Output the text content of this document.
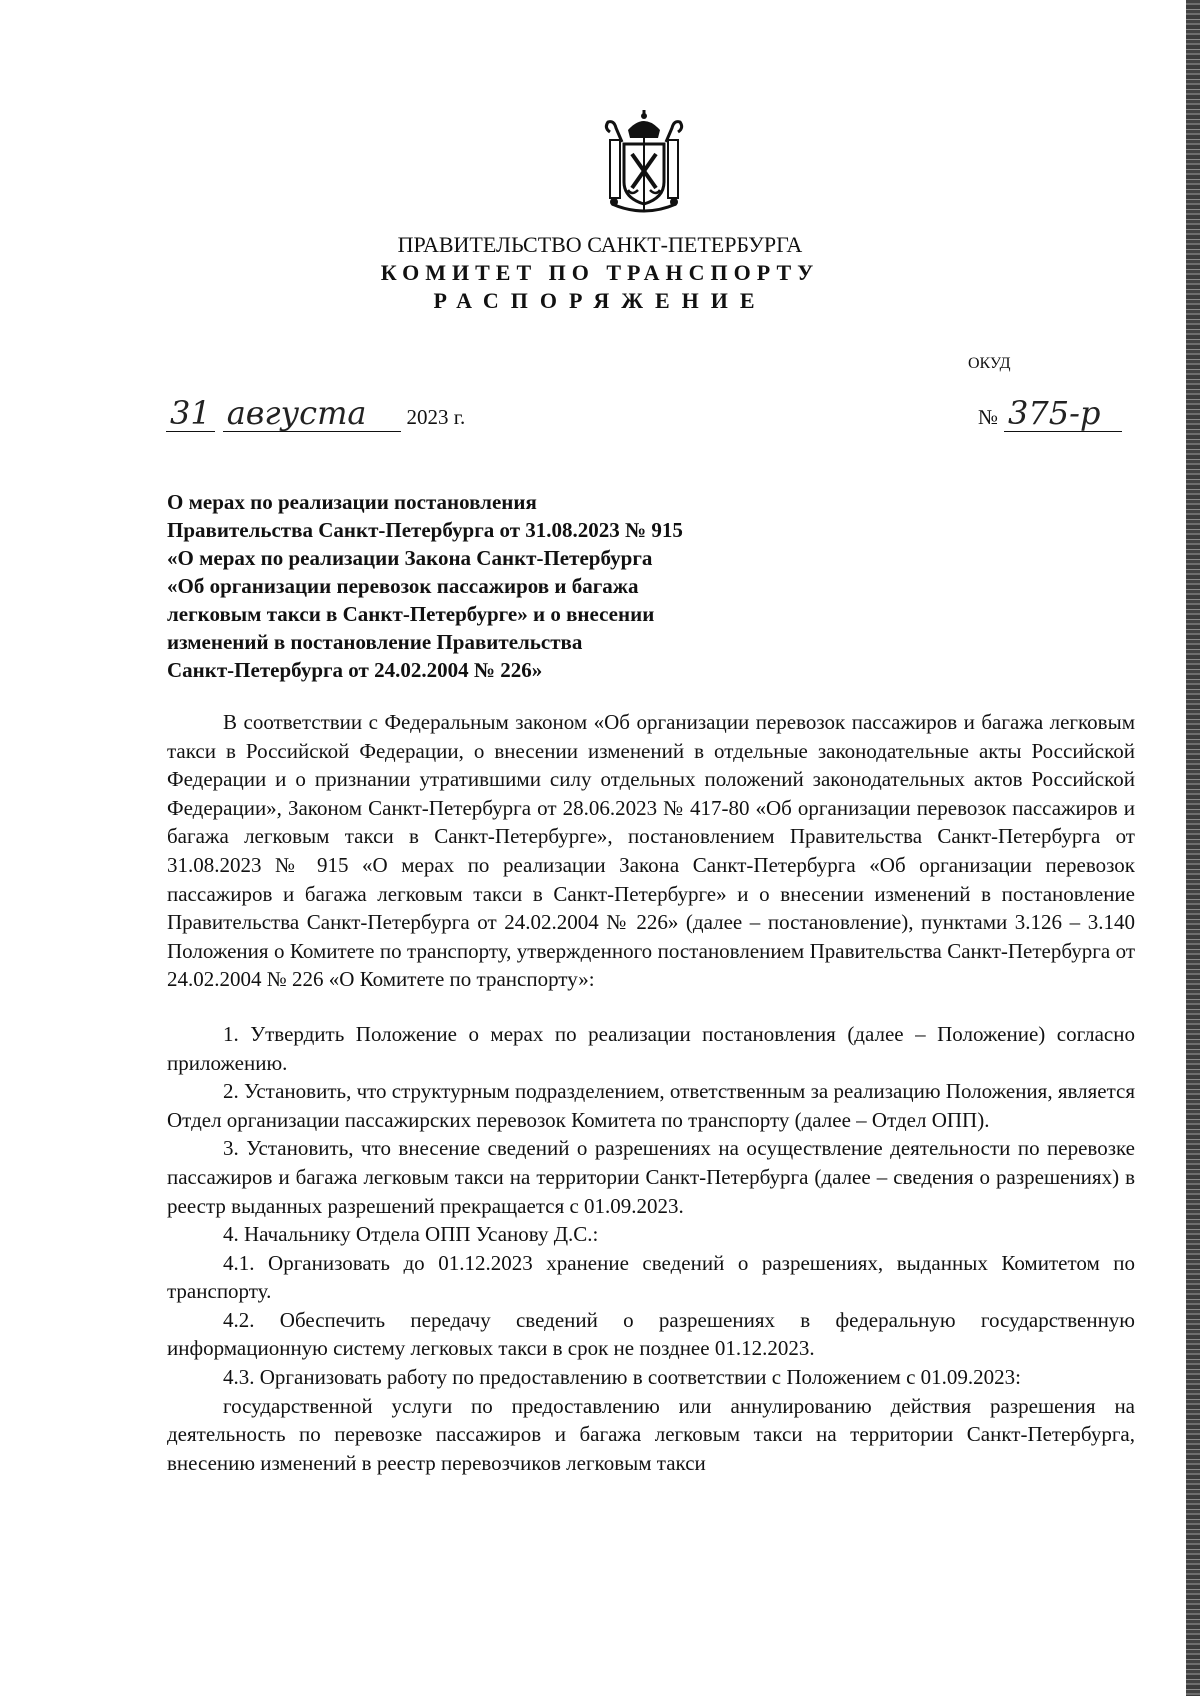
ПРАВИТЕЛЬСТВО САНКТ-ПЕТЕРБУРГА
КОМИТЕТ ПО ТРАНСПОРТУ
РАСПОРЯЖЕНИЕ
ОКУД
31 августа 2023 г.	№ 375-р
О мерах по реализации постановления
Правительства Санкт-Петербурга от 31.08.2023 № 915
«О мерах по реализации Закона Санкт-Петербурга
«Об организации перевозок пассажиров и багажа
легковым такси в Санкт-Петербурге» и о внесении
изменений в постановление Правительства
Санкт-Петербурга от 24.02.2004 № 226»

В соответствии с Федеральным законом «Об организации перевозок пассажиров и багажа легковым такси в Российской Федерации, о внесении изменений в отдельные законодательные акты Российской Федерации и о признании утратившими силу отдельных положений законодательных актов Российской Федерации», Законом Санкт-Петербурга от 28.06.2023 № 417-80 «Об организации перевозок пассажиров и багажа легковым такси в Санкт-Петербурге», постановлением Правительства Санкт-Петербурга от 31.08.2023 № 915 «О мерах по реализации Закона Санкт-Петербурга «Об организации перевозок пассажиров и багажа легковым такси в Санкт-Петербурге» и о внесении изменений в постановление Правительства Санкт-Петербурга от 24.02.2004 № 226» (далее – постановление), пунктами 3.126 – 3.140 Положения о Комитете по транспорту, утвержденного постановлением Правительства Санкт-Петербурга от 24.02.2004 № 226 «О Комитете по транспорту»:

1. Утвердить Положение о мерах по реализации постановления (далее – Положение) согласно приложению.

2. Установить, что структурным подразделением, ответственным за реализацию Положения, является Отдел организации пассажирских перевозок Комитета по транспорту (далее – Отдел ОПП).

3. Установить, что внесение сведений о разрешениях на осуществление деятельности по перевозке пассажиров и багажа легковым такси на территории Санкт-Петербурга (далее – сведения о разрешениях) в реестр выданных разрешений прекращается с 01.09.2023.

4. Начальнику Отдела ОПП Усанову Д.С.:

4.1. Организовать до 01.12.2023 хранение сведений о разрешениях, выданных Комитетом по транспорту.

4.2. Обеспечить передачу сведений о разрешениях в федеральную государственную информационную систему легковых такси в срок не позднее 01.12.2023.

4.3. Организовать работу по предоставлению в соответствии с Положением с 01.09.2023:

государственной услуги по предоставлению или аннулированию действия разрешения на деятельность по перевозке пассажиров и багажа легковым такси на территории Санкт-Петербурга, внесению изменений в реестр перевозчиков легковым такси
